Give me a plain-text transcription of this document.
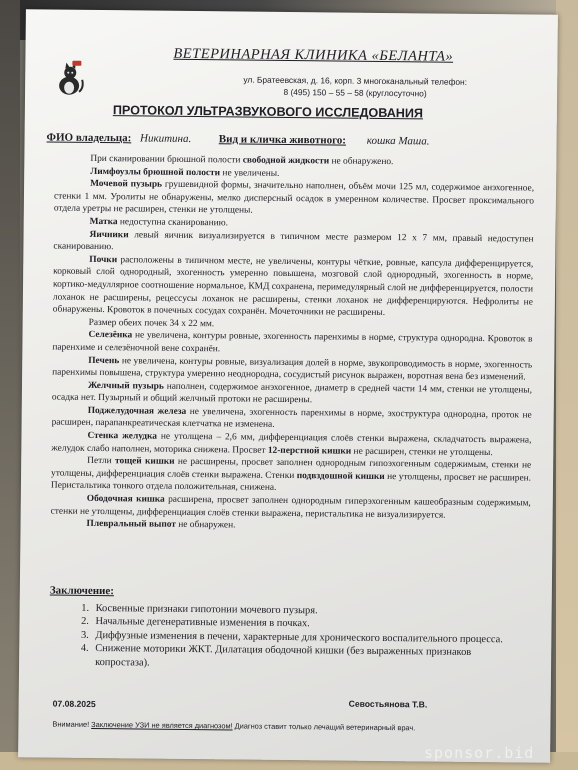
ВЕТЕРИНАРНАЯ КЛИНИКА «БЕЛАНТА»
ул. Братеевская, д. 16, корп. 3 многоканальный телефон:
8 (495) 150 – 55 – 58 (круглосуточно)
ПРОТОКОЛ УЛЬТРАЗВУКОВОГО ИССЛЕДОВАНИЯ
ФИО владельца: Никитина. Вид и кличка животного: кошка Маша.

При сканировании брюшной полости свободной жидкости не обнаружено.

Лимфоузлы брюшной полости не увеличены.

Мочевой пузырь грушевидной формы, значительно наполнен, объём мочи 125 мл, содержимое анэхогенное, стенки 1 мм. Уролиты не обнаружены, мелко дисперсный осадок в умеренном количестве. Просвет проксимального отдела уретры не расширен, стенки не утолщены.

Матка недоступна сканированию.

Яичники левый яичник визуализируется в типичном месте размером 12 х 7 мм, правый недоступен сканированию.

Почки расположены в типичном месте, не увеличены, контуры чёткие, ровные, капсула дифференцируется, корковый слой однородный, эхогенность умеренно повышена, мозговой слой однородный, эхогенность в норме, кортико-медуллярное соотношение нормальное, КМД сохранена, перимедулярный слой не дифференцируется, полости лоханок не расширены, рецессусы лоханок не расширены, стенки лоханок не дифференцируются. Нефролиты не обнаружены. Кровоток в почечных сосудах сохранён. Мочеточники не расширены.

Размер обеих почек 34 х 22 мм.

Селезёнка не увеличена, контуры ровные, эхогенность паренхимы в норме, структура однородна. Кровоток в паренхиме и селезёночной вене сохранён.

Печень не увеличена, контуры ровные, визуализация долей в норме, звукопроводимость в норме, эхогенность паренхимы повышена, структура умеренно неоднородна, сосудистый рисунок выражен, воротная вена без изменений.

Желчный пузырь наполнен, содержимое анэхогенное, диаметр в средней части 14 мм, стенки не утолщены, осадка нет. Пузырный и общий желчный протоки не расширены.

Поджелудочная железа не увеличена, эхогенность паренхимы в норме, эхоструктура однородна, проток не расширен, парапанкреатическая клетчатка не изменена.

Стенка желудка не утолщена – 2,6 мм, дифференциация слоёв стенки выражена, складчатость выражена, желудок слабо наполнен, моторика снижена. Просвет 12-перстной кишки не расширен, стенки не утолщены.

Петли тощей кишки не расширены, просвет заполнен однородным гипоэхогенным содержимым, стенки не утолщены, дифференциация слоёв стенки выражена. Стенки подвздошной кишки не утолщены, просвет не расширен. Перистальтика тонкого отдела положительная, снижена.

Ободочная кишка расширена, просвет заполнен однородным гиперэхогенным кашеобразным содержимым, стенки не утолщены, дифференциация слоёв стенки выражена, перистальтика не визуализируется.

Плевральный выпот не обнаружен.

Заключение:
1. Косвенные признаки гипотонии мочевого пузыря.
2. Начальные дегенеративные изменения в почках.
3. Диффузные изменения в печени, характерные для хронического воспалительного процесса.
4. Снижение моторики ЖКТ. Дилатация ободочной кишки (без выраженных признаков копростаза).
07.08.2025	Севостьянова Т.В.
Внимание! Заключение УЗИ не является диагнозом! Диагноз ставит только лечащий ветеринарный врач.
sponsor.bid
